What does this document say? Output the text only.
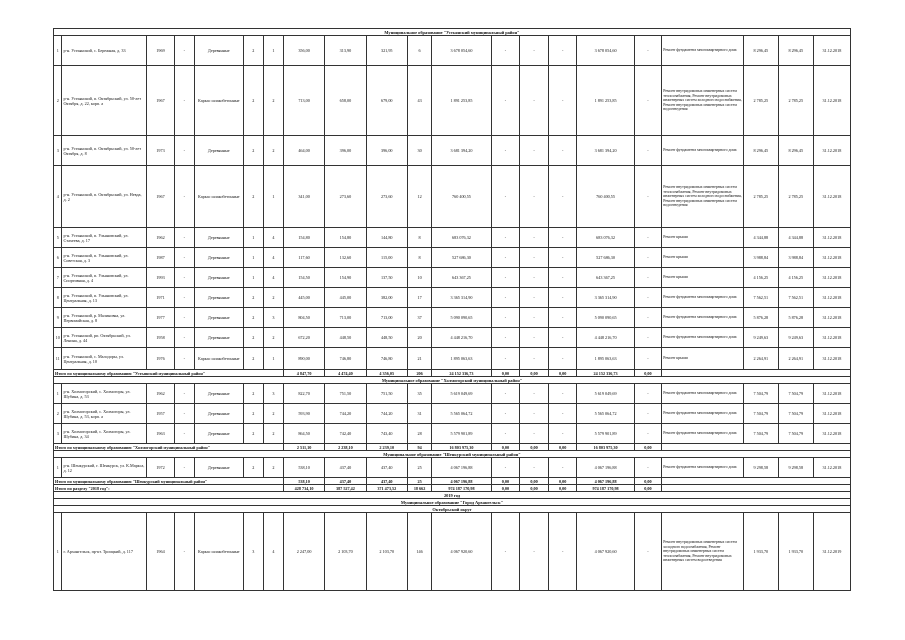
Муниципальное образование "Устьянский муниципальный район"																				
1	р-н. Устьянский, с. Бережная, д. 33	1969	-	Деревянные	2	1	356,00	313,90	321,95	6	3 678 054,60	-	-	-	3 678 054,60	-	Ремонт фундамента многоквартирного дома	8 296,45	8 296,45	31.12.2018
2	р-н. Устьянский, п. Октябрьский, ул. 50-лет Октября, д. 22, корп. а	1967	-	Каркас шлакобетонные	2	2	713,00	658,00	679,00	43	1 891 253,85	-	-	-	1 891 253,85	-	Ремонт внутридомовых инженерных систем теплоснабжения, Ремонт внутридомовых инженерных систем холодного водоснабжения, Ремонт внутридомовых инженерных систем водоотведения	2 785,25	2 785,25	31.12.2018
3	р-н. Устьянский, п. Октябрьский, ул. 50-лет Октября, д. 8	1973	-	Деревянные	2	2	464,00	396,00	396,00	30	3 681 394,20	-	-	-	3 681 394,20	-	Ремонт фундамента многоквартирного дома	8 296,45	8 296,45	31.12.2018
4	р-н. Устьянский, п. Октябрьский, ул. Невда, д. 2	1967	-	Каркас шлакобетонные	2	1	341,00	273,60	273,60	12	760 400,55	-	-	-	760 400,55	-	Ремонт внутридомовых инженерных систем теплоснабжения, Ремонт внутридомовых инженерных систем холодного водоснабжения, Ремонт внутридомовых инженерных систем водоотведения	2 785,25	2 785,25	31.12.2018
5	р-н. Устьянский, п. Ульяновский, ул. Стахеева, д. 17	1962	-	Деревянные	1	4	154,80	154,80	144,80	8	683 076,32	-	-	-	683 076,32	-	Ремонт крыши	4 344,88	4 344,88	31.12.2018
6	р-н. Устьянский, п. Ульяновский, ул. Советская, д. 3	1987	-	Деревянные	1	4	117,60	132,60	115,00	8	527 686,30	-	-	-	527 686,30	-	Ремонт крыши	3 988,84	3 988,84	31.12.2018
7	р-н. Устьянский, п. Ульяновский, ул. Спортивная, д. 4	1993	-	Деревянные	1	4	154,50	154,90	137,50	10	643 367,25	-	-	-	643 367,25	-	Ремонт крыши	4 156,25	4 156,25	31.12.2018
8	р-н. Устьянский, п. Ульяновский, ул. Центральная, д. 13	1971	-	Деревянные	2	2	445,00	445,00	382,00	17	3 365 314,90	-	-	-	3 365 314,90	-	Ремонт фундамента многоквартирного дома	7 562,51	7 562,51	31.12.2018
9	р-н. Устьянский, р. Малиновка, ул. Первомайская, д. 8	1977	-	Деревянные	2	3	804,50	713,00	713,00	37	5 090 090,65	-	-	-	5 090 090,65	-	Ремонт фундамента многоквартирного дома	5 876,28	5 876,28	31.12.2018
10	р-н. Устьянский, рп. Октябрьский, ул. Ленина, д. 44	1958	-	Деревянные	2	2	672,20	448,50	448,50	20	4 448 216,70	-	-	-	4 448 216,70	-	Ремонт фундамента многоквартирного дома	9 249,63	9 249,63	31.12.2018
11	р-н. Устьянский, с. Малодоры, ул. Центральная, д. 10	1976	-	Каркас шлакобетонные	2	1	890,00	746,80	746,80	21	1 895 063,63	-	-	-	1 895 063,63	-	Ремонт крыши	2 264,91	2 264,91	31.12.2018
Итого по муниципальному образованию "Устьянский муниципальный район"							4 847,70	4 474,40	4 356,05	206	24 152 336,73	0,00	0,00	0,00	24 152 336,73	0,00				
Муниципальное образование "Холмогорский муниципальный район"																				
1	р-н. Холмогорский, с. Холмогоры, ул. Шубина, д. 53	1962	-	Деревянные	2	3	822,70	751,50	751,50	35	5 619 049,69	-	-	-	5 619 049,69	-	Ремонт фундамента многоквартирного дома	7 504,79	7 504,79	31.12.2018
2	р-н. Холмогорский, с. Холмогоры, ул. Шубина, д. 53, корп. а	1957	-	Деревянные	2	2	593,90	744,20	744,20	31	5 565 064,72	-	-	-	5 565 064,72	-	Ремонт фундамента многоквартирного дома	7 504,79	7 504,79	31.12.2018
3	р-н. Холмогорский, с. Холмогоры, ул. Шубина, д. 34	1963	-	Деревянные	2	2	864,50	742,40	743,40	28	5 579 901,89	-	-	-	5 579 901,89	-	Ремонт фундамента многоквартирного дома	7 504,79	7 504,79	31.12.2018
Итого по муниципальному образованию "Холмогорский муниципальный район"							2 511,10	2 238,10	2 239,10	94	16 803 975,30	0,00	0,00	0,00	16 803 975,30	0,00				
Муниципальное образование "Шенкурский муниципальный район"																				
1	р-н. Шенкурский, г. Шенкурск, ул. К.Маркса, д. 12	1972	-	Деревянные	2	2	538,10	437,40	437,40	25	4 067 196,88	-	-	-	4 067 196,88	-	Ремонт фундамента многоквартирного дома	9 298,58	9 298,58	31.12.2018
Итого по муниципальному образованию "Шенкурский муниципальный район"							538,10	437,40	437,40	25	4 067 196,88	0,00	0,00	0,00	4 067 196,88	0,00				
Итого по разделу "2018 год":							428 734,10	387 527,42	371 473,52	18 662	974 187 170,98	0,00	0,00	0,00	974 187 170,98	0,00				
2019 год																				
Муниципальное образование "Город Архангельск"																				
Октябрьский округ																				
1	г. Архангельск, пр-кт. Троицкий, д. 117	1964	-	Каркас шлакобетонные	3	4	2 247,00	2 103,70	2 103,70	146	4 067 920,60	-	-	-	4 067 920,60	-	Ремонт внутридомовых инженерных систем холодного водоснабжения, Ремонт внутридомовых инженерных систем теплоснабжения, Ремонт внутридомовых инженерных систем водоотведения	1 933,70	1 933,70	31.12.2019
